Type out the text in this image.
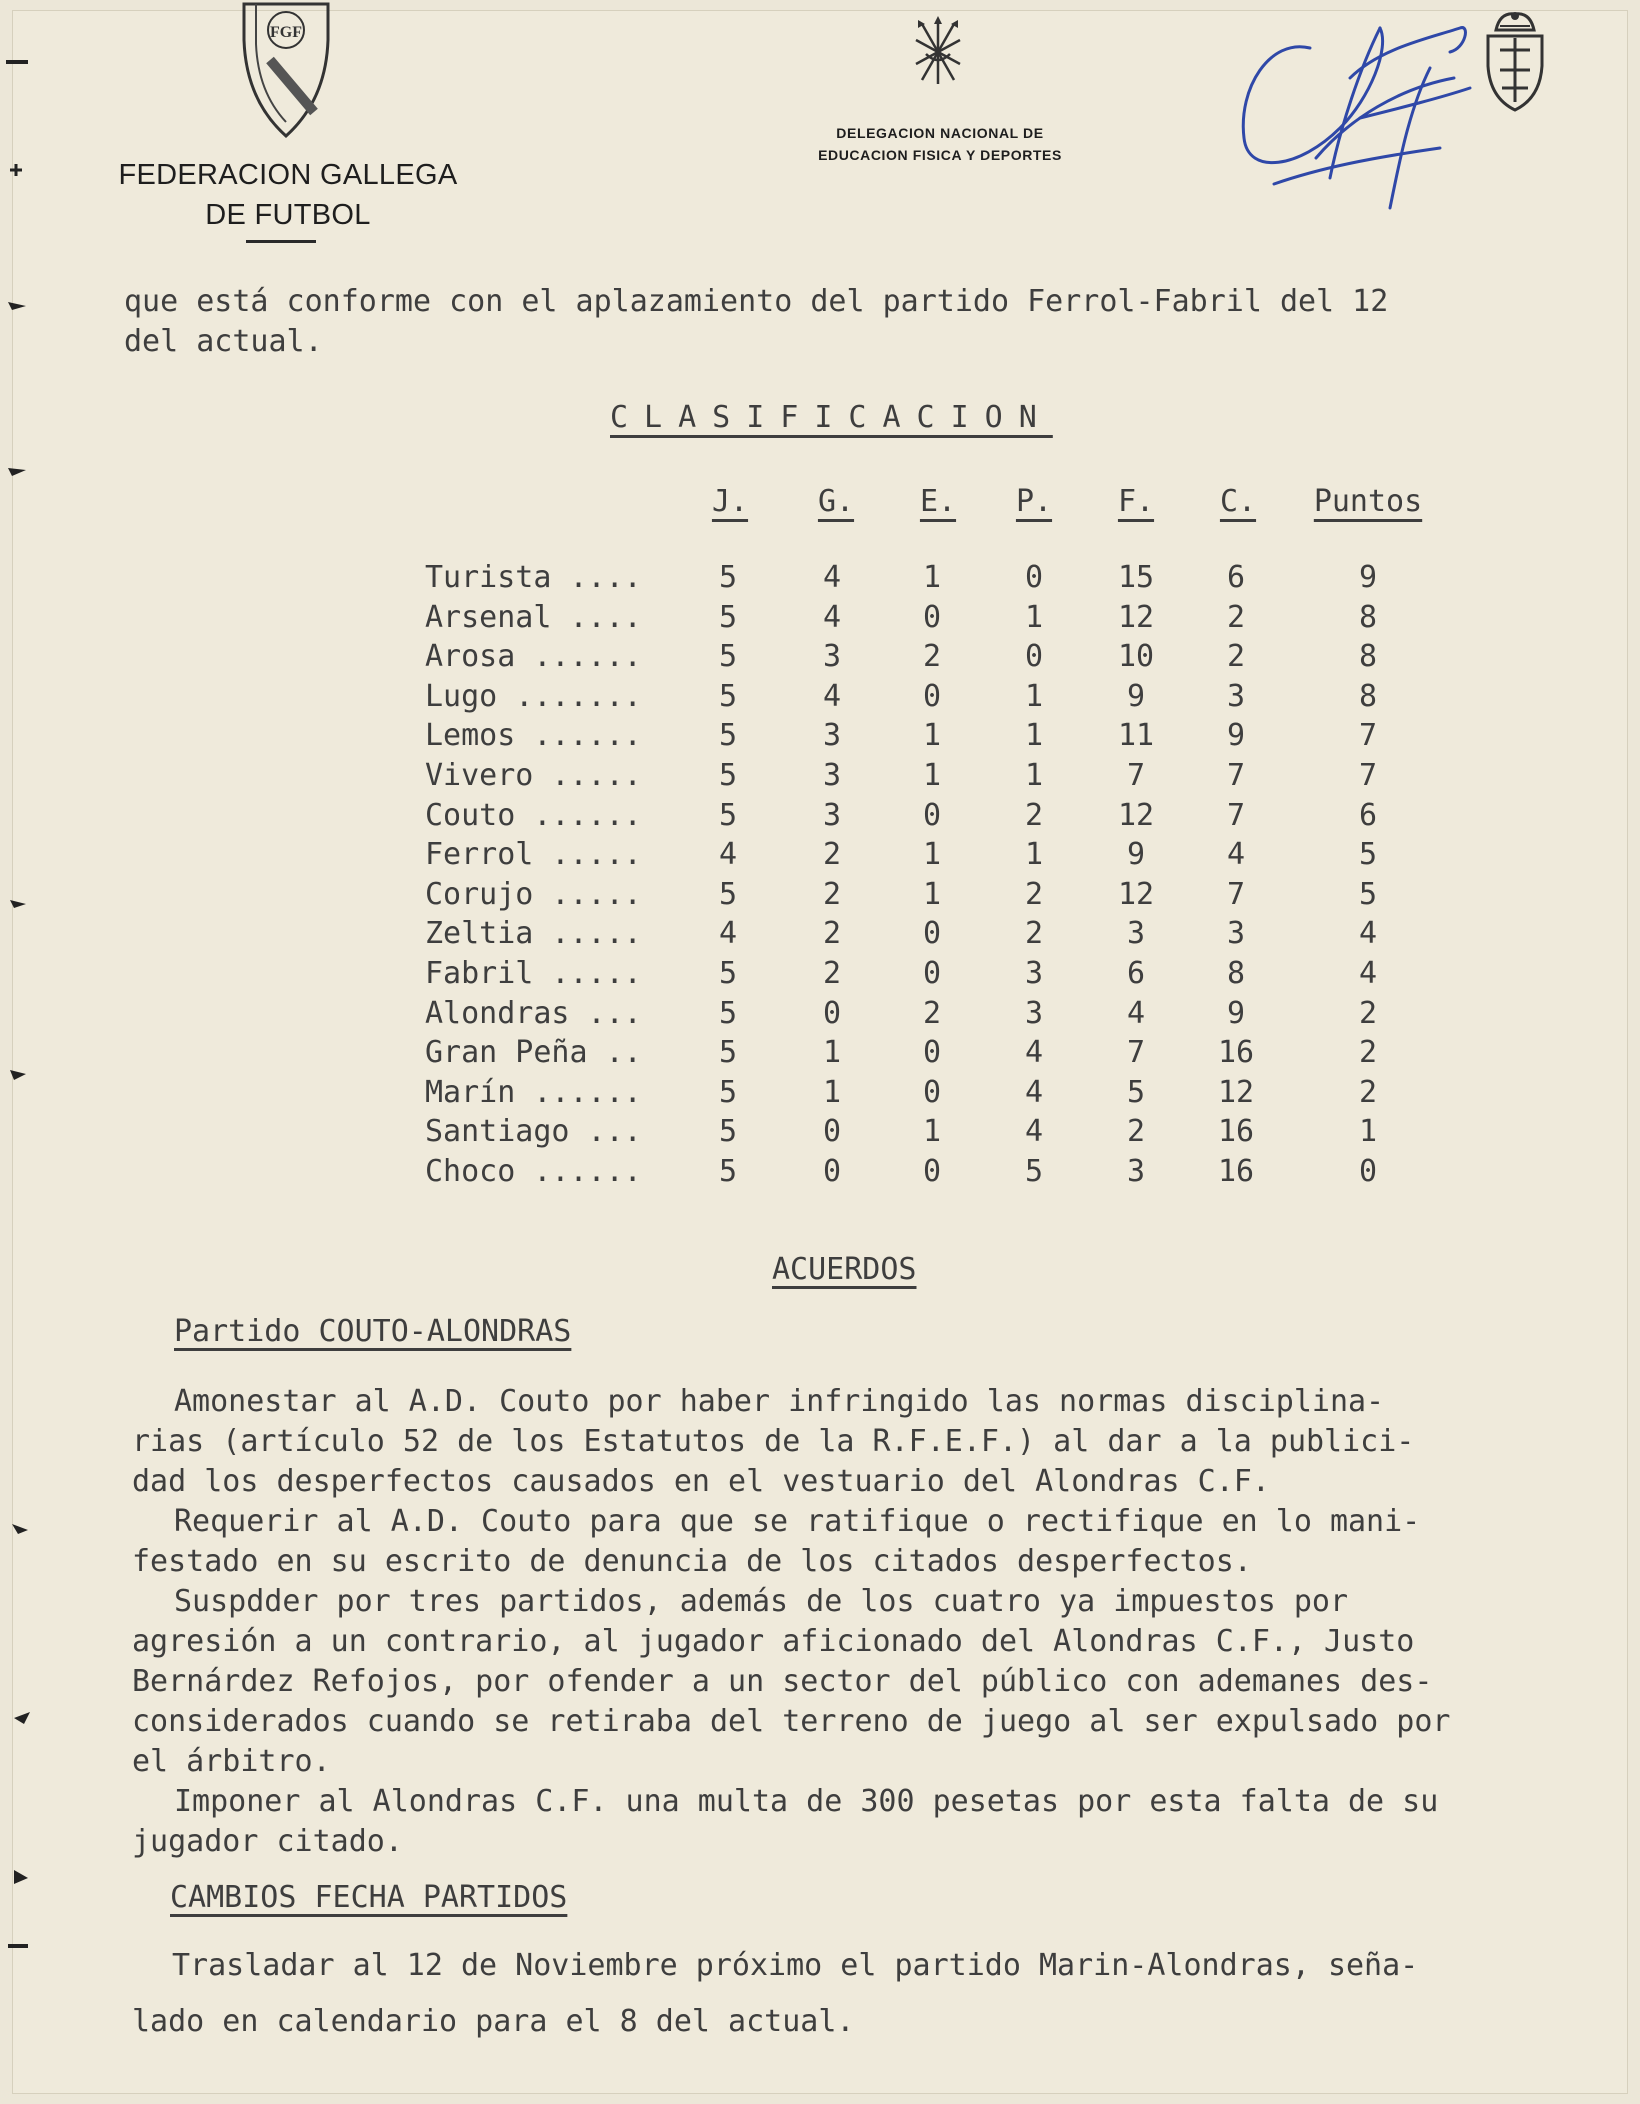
FGF
FEDERACION GALLEGA
DE FUTBOL
DELEGACION NACIONAL DE
EDUCACION FISICA Y DEPORTES
que está conforme con el aplazamiento del partido Ferrol-Fabril del 12
del actual.
CLASIFICACION
J.	G.	E.	P.	F.	C.	Puntos
Turista ....	5	4	1	0	15	6	9
Arsenal ....	5	4	0	1	12	2	8
Arosa ......	5	3	2	0	10	2	8
Lugo .......	5	4	0	1	9	3	8
Lemos ......	5	3	1	1	11	9	7
Vivero .....	5	3	1	1	7	7	7
Couto ......	5	3	0	2	12	7	6
Ferrol .....	4	2	1	1	9	4	5
Corujo .....	5	2	1	2	12	7	5
Zeltia .....	4	2	0	2	3	3	4
Fabril .....	5	2	0	3	6	8	4
Alondras ...	5	0	2	3	4	9	2
Gran Peña ..	5	1	0	4	7	16	2
Marín ......	5	1	0	4	5	12	2
Santiago ...	5	0	1	4	2	16	1
Choco ......	5	0	0	5	3	16	0
ACUERDOS
Partido COUTO-ALONDRAS
Amonestar al A.D. Couto por haber infringido las normas disciplina-
rias (artículo 52 de los Estatutos de la R.F.E.F.) al dar a la publici-
dad los desperfectos causados en el vestuario del Alondras C.F.
Requerir al A.D. Couto para que se ratifique o rectifique en lo mani-
festado en su escrito de denuncia de los citados desperfectos.
Suspdder por tres partidos, además de los cuatro ya impuestos por
agresión a un contrario, al jugador aficionado del Alondras C.F., Justo
Bernárdez Refojos, por ofender a un sector del público con ademanes des-
considerados cuando se retiraba del terreno de juego al ser expulsado por
el árbitro.
Imponer al Alondras C.F. una multa de 300 pesetas por esta falta de su
jugador citado.
CAMBIOS FECHA PARTIDOS
Trasladar al 12 de Noviembre próximo el partido Marin-Alondras, seña-
lado en calendario para el 8 del actual.
